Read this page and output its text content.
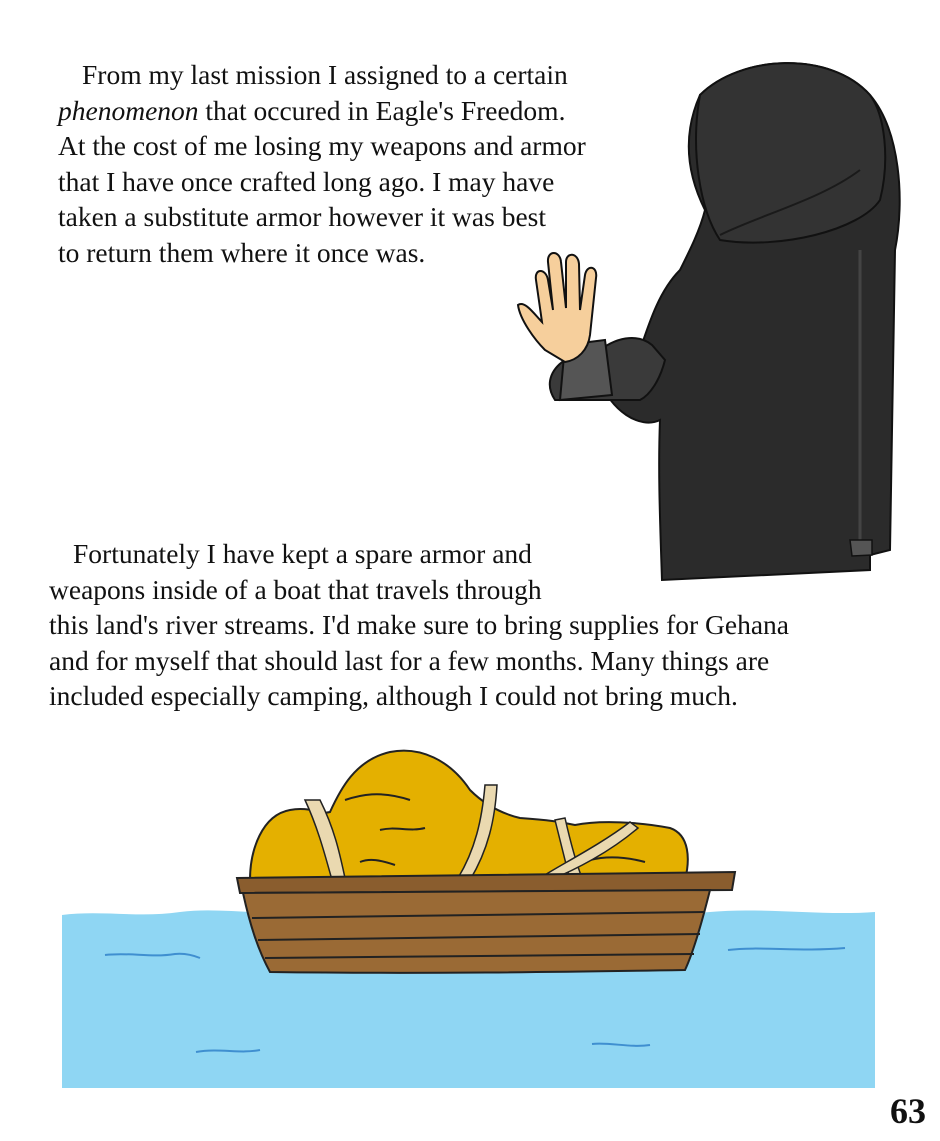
From my last mission I assigned to a certain
phenomenon that occured in Eagle's Freedom.
At the cost of me losing my weapons and armor
that I have once crafted long ago. I may have
taken a substitute armor however it was best
to return them where it once was.
Fortunately I have kept a spare armor and
weapons inside of a boat that travels through
this land's river streams. I'd make sure to bring supplies for Gehana
and for myself that should last for a few months. Many things are
included especially camping, although I could not bring much.
63
